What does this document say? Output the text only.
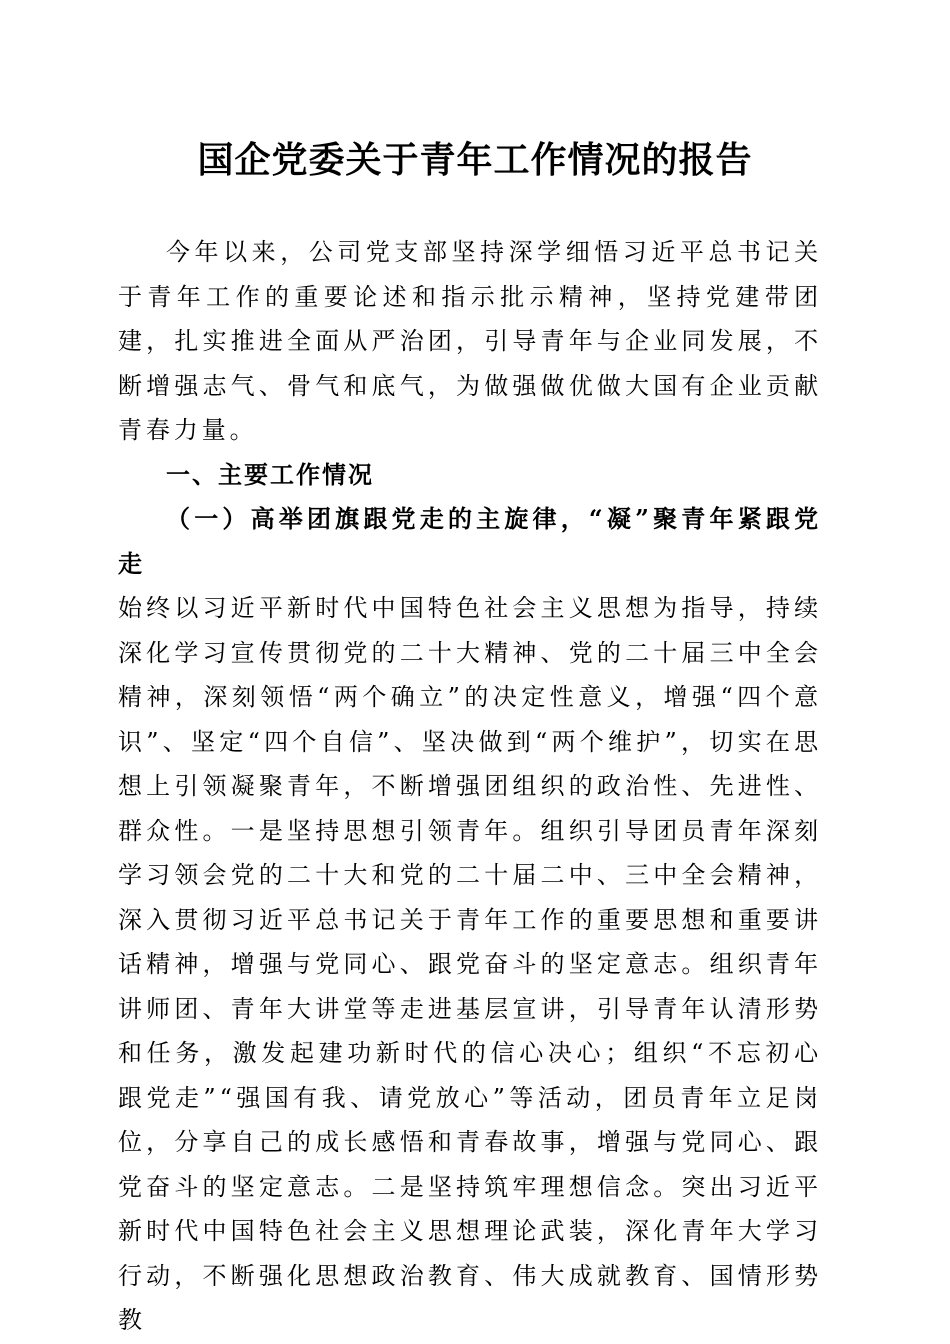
国企党委关于青年工作情况的报告

今年以来，公司党支部坚持深学细悟习近平总书记关于青年工作的重要论述和指示批示精神，坚持党建带团建，扎实推进全面从严治团，引导青年与企业同发展，不断增强志气、骨气和底气，为做强做优做大国有企业贡献青春力量。

一、主要工作情况

（一）高举团旗跟党走的主旋律，“凝”聚青年紧跟党走

始终以习近平新时代中国特色社会主义思想为指导，持续深化学习宣传贯彻党的二十大精神、党的二十届三中全会精神，深刻领悟“两个确立”的决定性意义，增强“四个意识”、坚定“四个自信”、坚决做到“两个维护”，切实在思想上引领凝聚青年，不断增强团组织的政治性、先进性、群众性。一是坚持思想引领青年。组织引导团员青年深刻学习领会党的二十大和党的二十届二中、三中全会精神，深入贯彻习近平总书记关于青年工作的重要思想和重要讲话精神，增强与党同心、跟党奋斗的坚定意志。组织青年讲师团、青年大讲堂等走进基层宣讲，引导青年认清形势和任务，激发起建功新时代的信心决心；组织“不忘初心跟党走”“强国有我、请党放心”等活动，团员青年立足岗位，分享自己的成长感悟和青春故事，增强与党同心、跟党奋斗的坚定意志。二是坚持筑牢理想信念。突出习近平新时代中国特色社会主义思想理论武装，深化青年大学习行动，不断强化思想政治教育、伟大成就教育、国情形势教
